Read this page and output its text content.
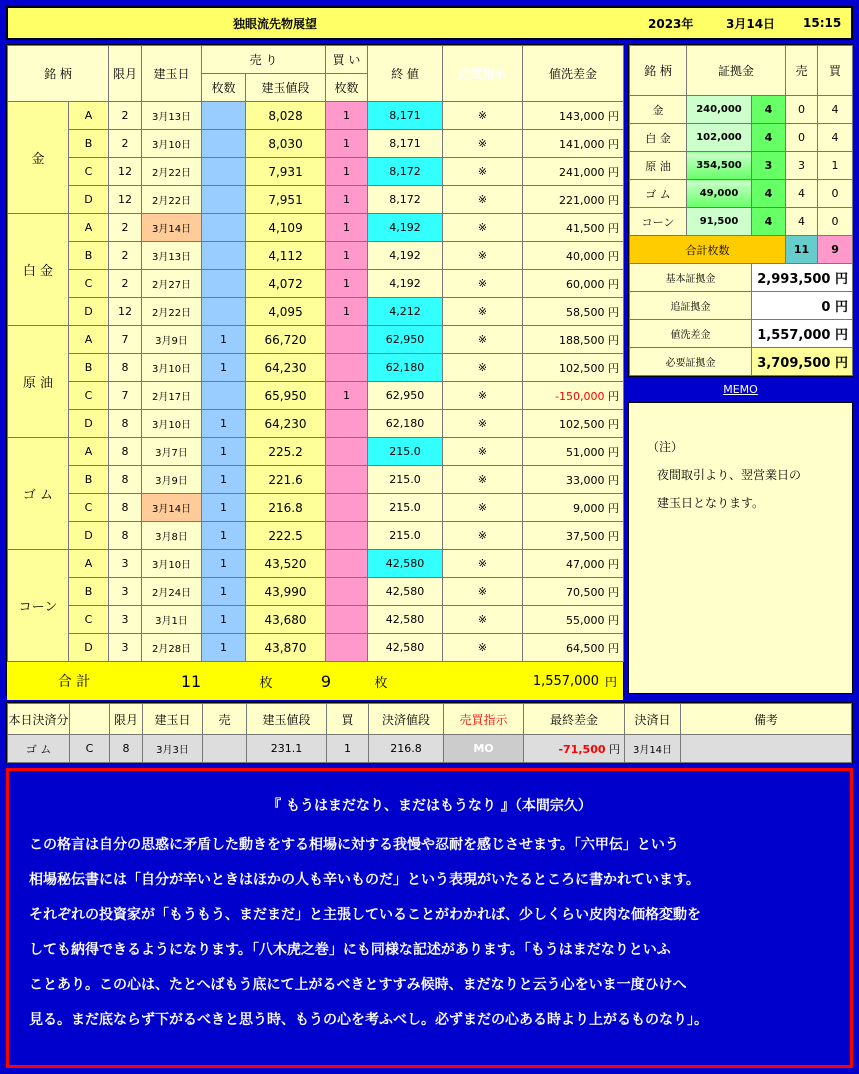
独眼流先物展望	2023年	3月14日 15:15
銘 柄		限月	建玉日	売 り		買 い	終 値	売買指示	値洗差金
				枚数	建玉値段	枚数			
金	A	2	3月13日		8,028	1	8,171	※	143,000 円
	B	2	3月10日		8,030	1	8,171	※	141,000 円
	C	12	2月22日		7,931	1	8,172	※	241,000 円
	D	12	2月22日		7,951	1	8,172	※	221,000 円
白 金	A	2	3月14日		4,109	1	4,192	※	41,500 円
	B	2	3月13日		4,112	1	4,192	※	40,000 円
	C	2	2月27日		4,072	1	4,192	※	60,000 円
	D	12	2月22日		4,095	1	4,212	※	58,500 円
原 油	A	7	3月9日	1	66,720		62,950	※	188,500 円
	B	8	3月10日	1	64,230		62,180	※	102,500 円
	C	7	2月17日		65,950	1	62,950	※	-150,000 円
	D	8	3月10日	1	64,230		62,180	※	102,500 円
ゴ ム	A	8	3月7日	1	225.2		215.0	※	51,000 円
	B	8	3月9日	1	221.6		215.0	※	33,000 円
	C	8	3月14日	1	216.8		215.0	※	9,000 円
	D	8	3月8日	1	222.5		215.0	※	37,500 円
コーン	A	3	3月10日	1	43,520		42,580	※	47,000 円
	B	3	2月24日	1	43,990		42,580	※	70,500 円
	C	3	3月1日	1	43,680		42,580	※	55,000 円
	D	3	2月28日	1	43,870		42,580	※	64,500 円
合 計	11	枚	9	枚	1,557,000	円
銘 柄	証拠金		売	買
金	240,000	4	0	4
白 金	102,000	4	0	4
原 油	354,500	3	3	1
ゴ ム	49,000	4	4	0
コーン	91,500	4	4	0
合計枚数			11	9
基本証拠金		2,993,500 円		
追証拠金		0 円		
値洗差金		1,557,000 円		
必要証拠金		3,709,500 円		
MEMO
（注）
夜間取引より、翌営業日の
建玉日となります。
本日決済分		限月	建玉日	売	建玉値段	買	決済値段	売買指示	最終差金	決済日	備考
ゴ ム	C	8	3月3日		231.1	1	216.8	MO	-71,500 円	3月14日	
『 もうはまだなり、まだはもうなり 』（本間宗久）
この格言は自分の思惑に矛盾した動きをする相場に対する我慢や忍耐を感じさせます。「六甲伝」という
相場秘伝書には「自分が辛いときはほかの人も辛いものだ」という表現がいたるところに書かれています。
それぞれの投資家が「もうもう、まだまだ」と主張していることがわかれば、少しくらい皮肉な価格変動を
しても納得できるようになります。「八木虎之巻」にも同様な記述があります。「もうはまだなりといふ
ことあり。この心は、たとへばもう底にて上がるべきとすすみ候時、まだなりと云う心をいま一度ひけへ
見る。まだ底ならず下がるべきと思う時、もうの心を考ふべし。必ずまだの心ある時より上がるものなり」。
